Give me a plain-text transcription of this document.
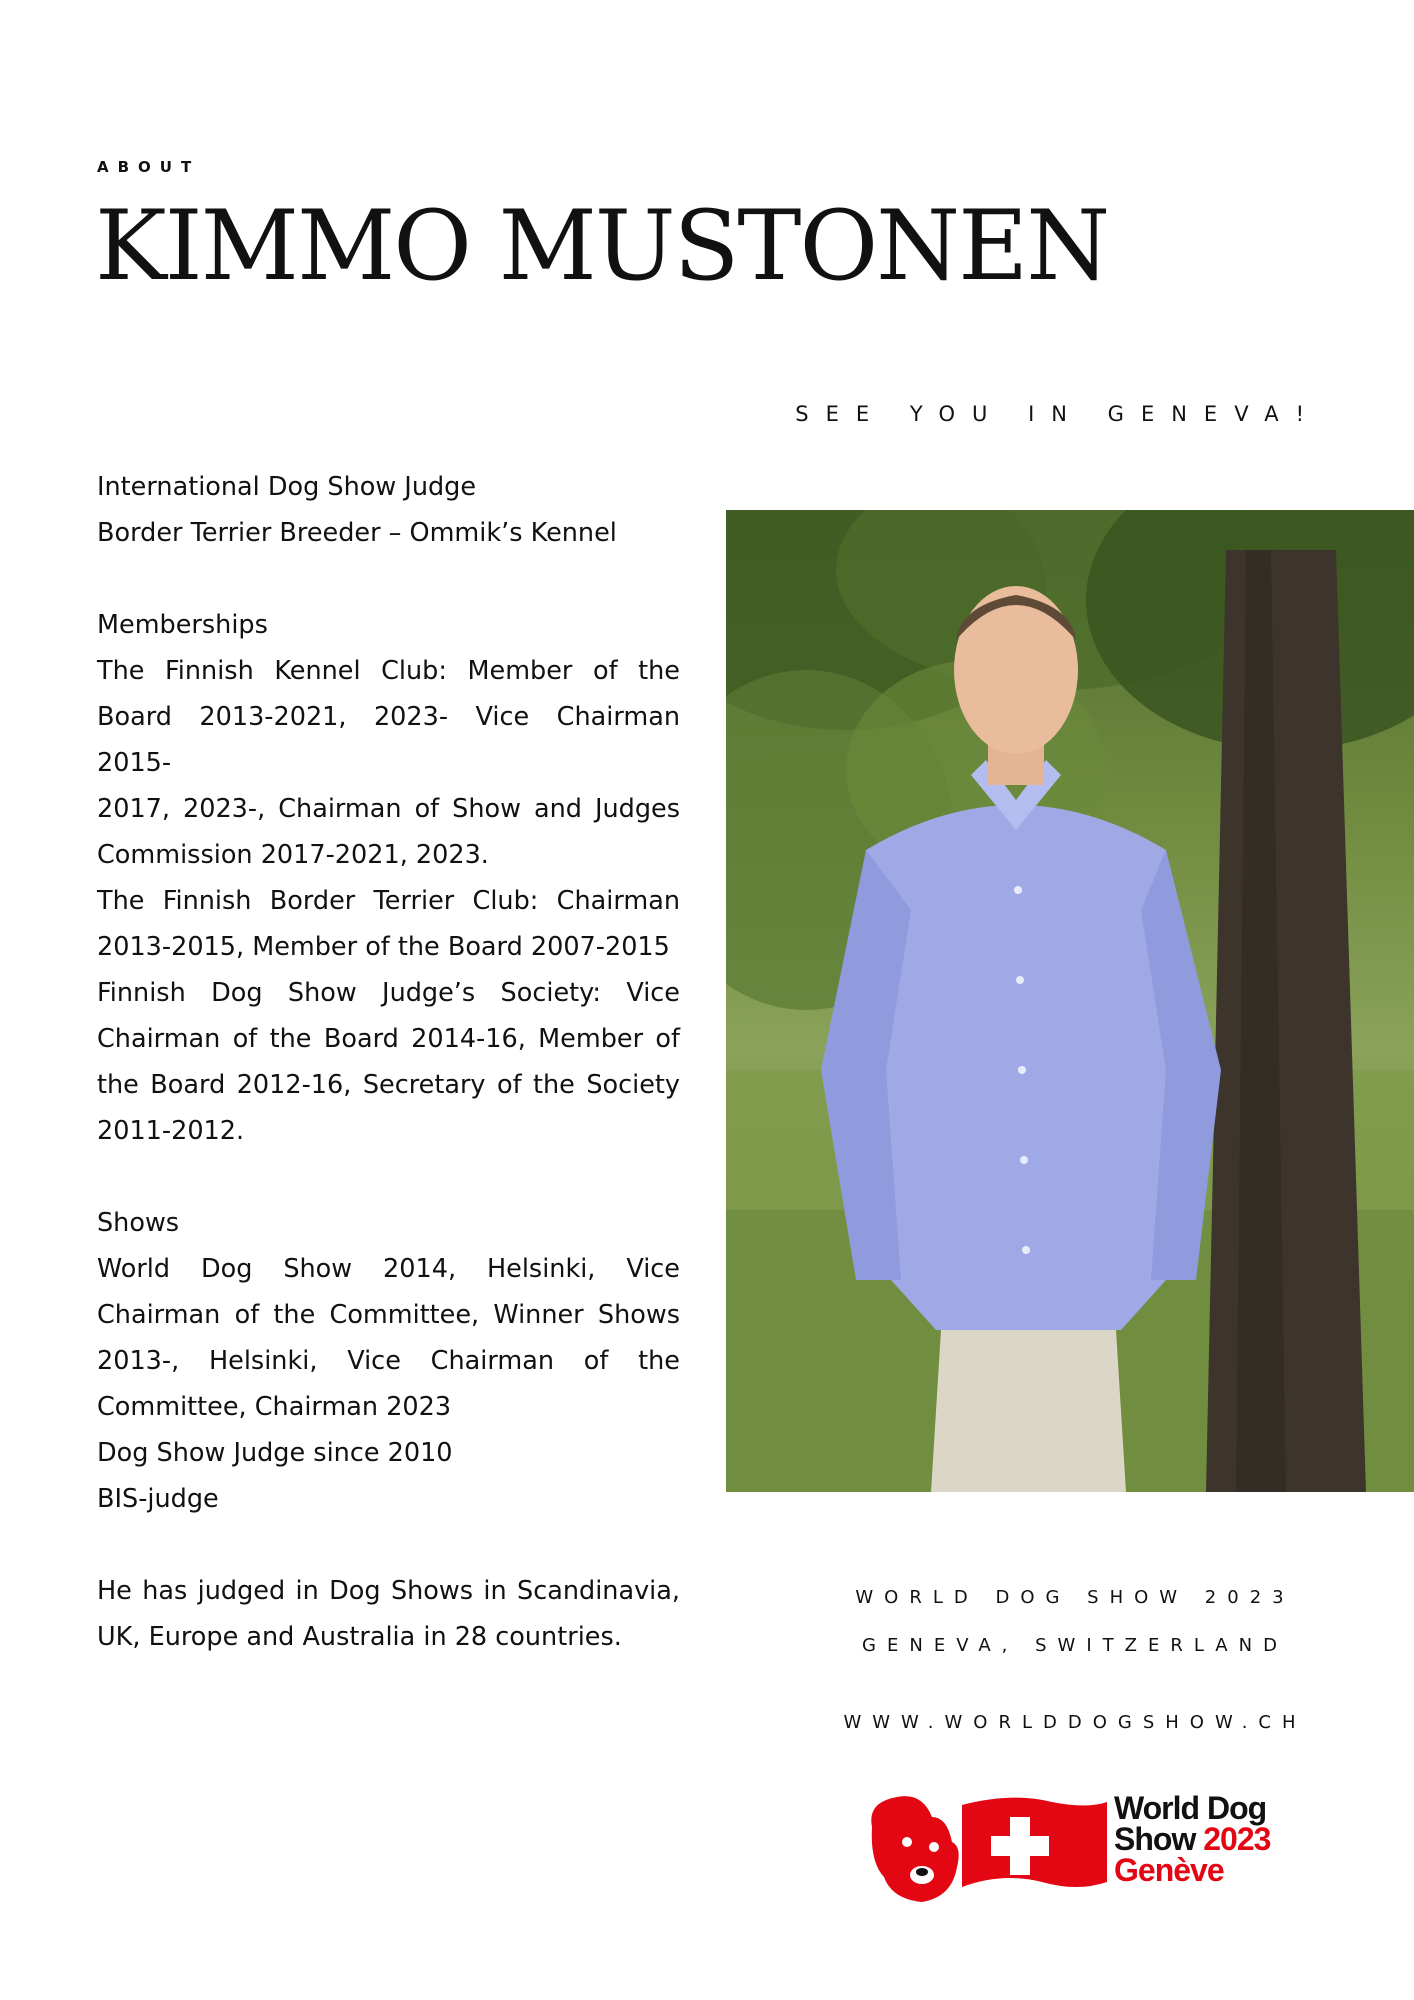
ABOUT
KIMMO MUSTONEN
SEE YOU IN GENEVA!

International Dog Show Judge

Border Terrier Breeder – Ommik’s Kennel

Memberships

The Finnish Kennel Club: Member of the Board 2013-2021, 2023- Vice Chairman 2015-

2017, 2023-, Chairman of Show and Judges Commission 2017-2021, 2023.

The Finnish Border Terrier Club: Chairman 2013-2015, Member of the Board 2007-2015

Finnish Dog Show Judge’s Society: Vice Chairman of the Board 2014-16, Member of the Board 2012-16, Secretary of the Society 2011-2012.

Shows

World Dog Show 2014, Helsinki, Vice Chairman of the Committee, Winner Shows 2013-, Helsinki, Vice Chairman of the Committee, Chairman 2023

Dog Show Judge since 2010

BIS-judge

He has judged in Dog Shows in Scandinavia, UK, Europe and Australia in 28 countries.

WORLD DOG SHOW 2023
GENEVA, SWITZERLAND
WWW.WORLDDOGSHOW.CH
World Dog
Show 2023
Genève
